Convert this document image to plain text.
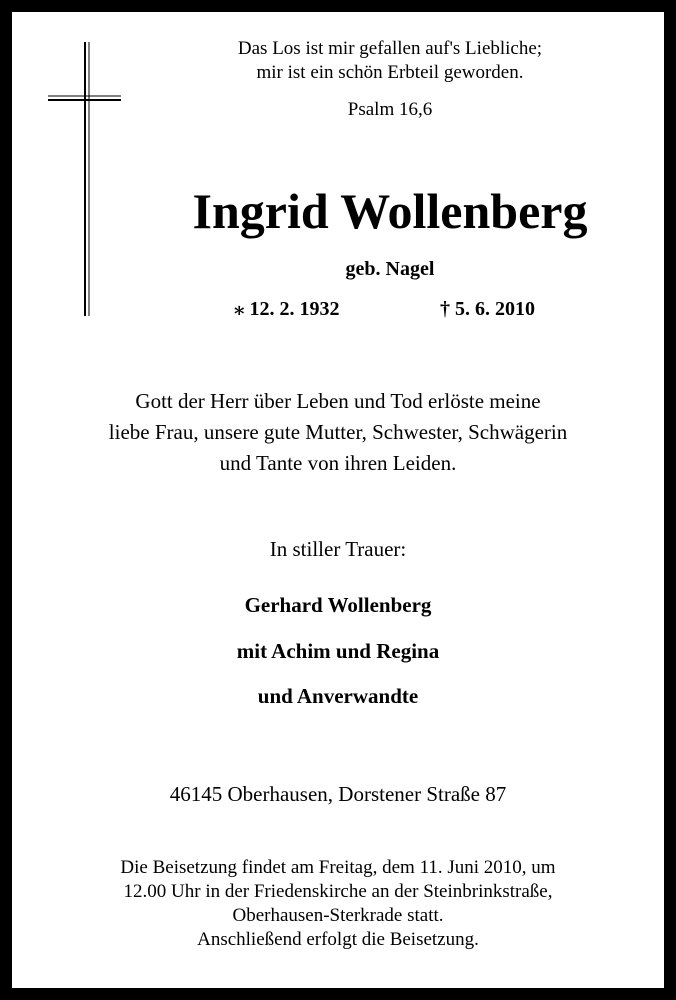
Das Los ist mir gefallen auf's Liebliche;
mir ist ein schön Erbteil geworden.
Psalm 16,6
Ingrid Wollenberg
geb. Nagel
⁎ 12. 2. 1932	† 5. 6. 2010
Gott der Herr über Leben und Tod erlöste meine
liebe Frau, unsere gute Mutter, Schwester, Schwägerin
und Tante von ihren Leiden.
In stiller Trauer:
Gerhard Wollenberg
mit Achim und Regina
und Anverwandte
46145 Oberhausen, Dorstener Straße 87
Die Beisetzung findet am Freitag, dem 11. Juni 2010, um
12.00 Uhr in der Friedenskirche an der Steinbrinkstraße,
Oberhausen-Sterkrade statt.
Anschließend erfolgt die Beisetzung.
